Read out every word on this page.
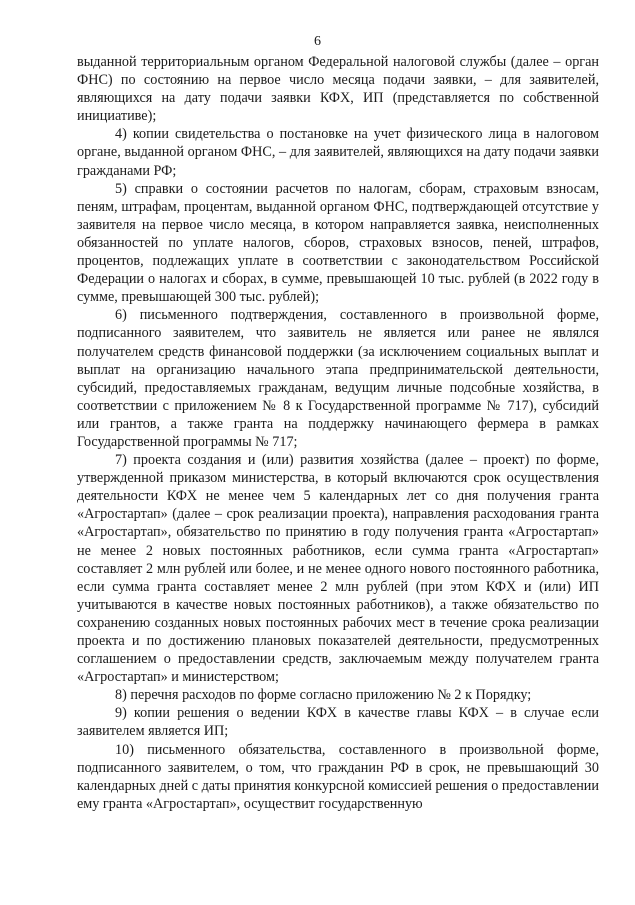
6

выданной территориальным органом Федеральной налоговой службы (далее – орган ФНС) по состоянию на первое число месяца подачи заявки, – для заявителей, являющихся на дату подачи заявки КФХ, ИП (представляется по собственной инициативе);

4) копии свидетельства о постановке на учет физического лица в налоговом органе, выданной органом ФНС, – для заявителей, являющихся на дату подачи заявки гражданами РФ;

5) справки о состоянии расчетов по налогам, сборам, страховым взносам, пеням, штрафам, процентам, выданной органом ФНС, подтверждающей отсутствие у заявителя на первое число месяца, в котором направляется заявка, неисполненных обязанностей по уплате налогов, сборов, страховых взносов, пеней, штрафов, процентов, подлежащих уплате в соответствии с законодательством Российской Федерации о налогах и сборах, в сумме, превышающей 10 тыс. рублей (в 2022 году в сумме, превышающей 300 тыс. рублей);

6) письменного подтверждения, составленного в произвольной форме, подписанного заявителем, что заявитель не является или ранее не являлся получателем средств финансовой поддержки (за исключением социальных выплат и выплат на организацию начального этапа предпринимательской деятельности, субсидий, предоставляемых гражданам, ведущим личные подсобные хозяйства, в соответствии с приложением № 8 к Государственной программе № 717), субсидий или грантов, а также гранта на поддержку начинающего фермера в рамках Государственной программы № 717;

7) проекта создания и (или) развития хозяйства (далее – проект) по форме, утвержденной приказом министерства, в который включаются срок осуществления деятельности КФХ не менее чем 5 календарных лет со дня получения гранта «Агростартап» (далее – срок реализации проекта), направления расходования гранта «Агростартап», обязательство по принятию в году получения гранта «Агростартап» не менее 2 новых постоянных работников, если сумма гранта «Агростартап» составляет 2 млн рублей или более, и не менее одного нового постоянного работника, если сумма гранта составляет менее 2 млн рублей (при этом КФХ и (или) ИП учитываются в качестве новых постоянных работников), а также обязательство по сохранению созданных новых постоянных рабочих мест в течение срока реализации проекта и по достижению плановых показателей деятельности, предусмотренных соглашением о предоставлении средств, заключаемым между получателем гранта «Агростартап» и министерством;

8) перечня расходов по форме согласно приложению № 2 к Порядку;

9) копии решения о ведении КФХ в качестве главы КФХ – в случае если заявителем является ИП;

10) письменного обязательства, составленного в произвольной форме, подписанного заявителем, о том, что гражданин РФ в срок, не превышающий 30 календарных дней с даты принятия конкурсной комиссией решения о предоставлении ему гранта «Агростартап», осуществит государственную
